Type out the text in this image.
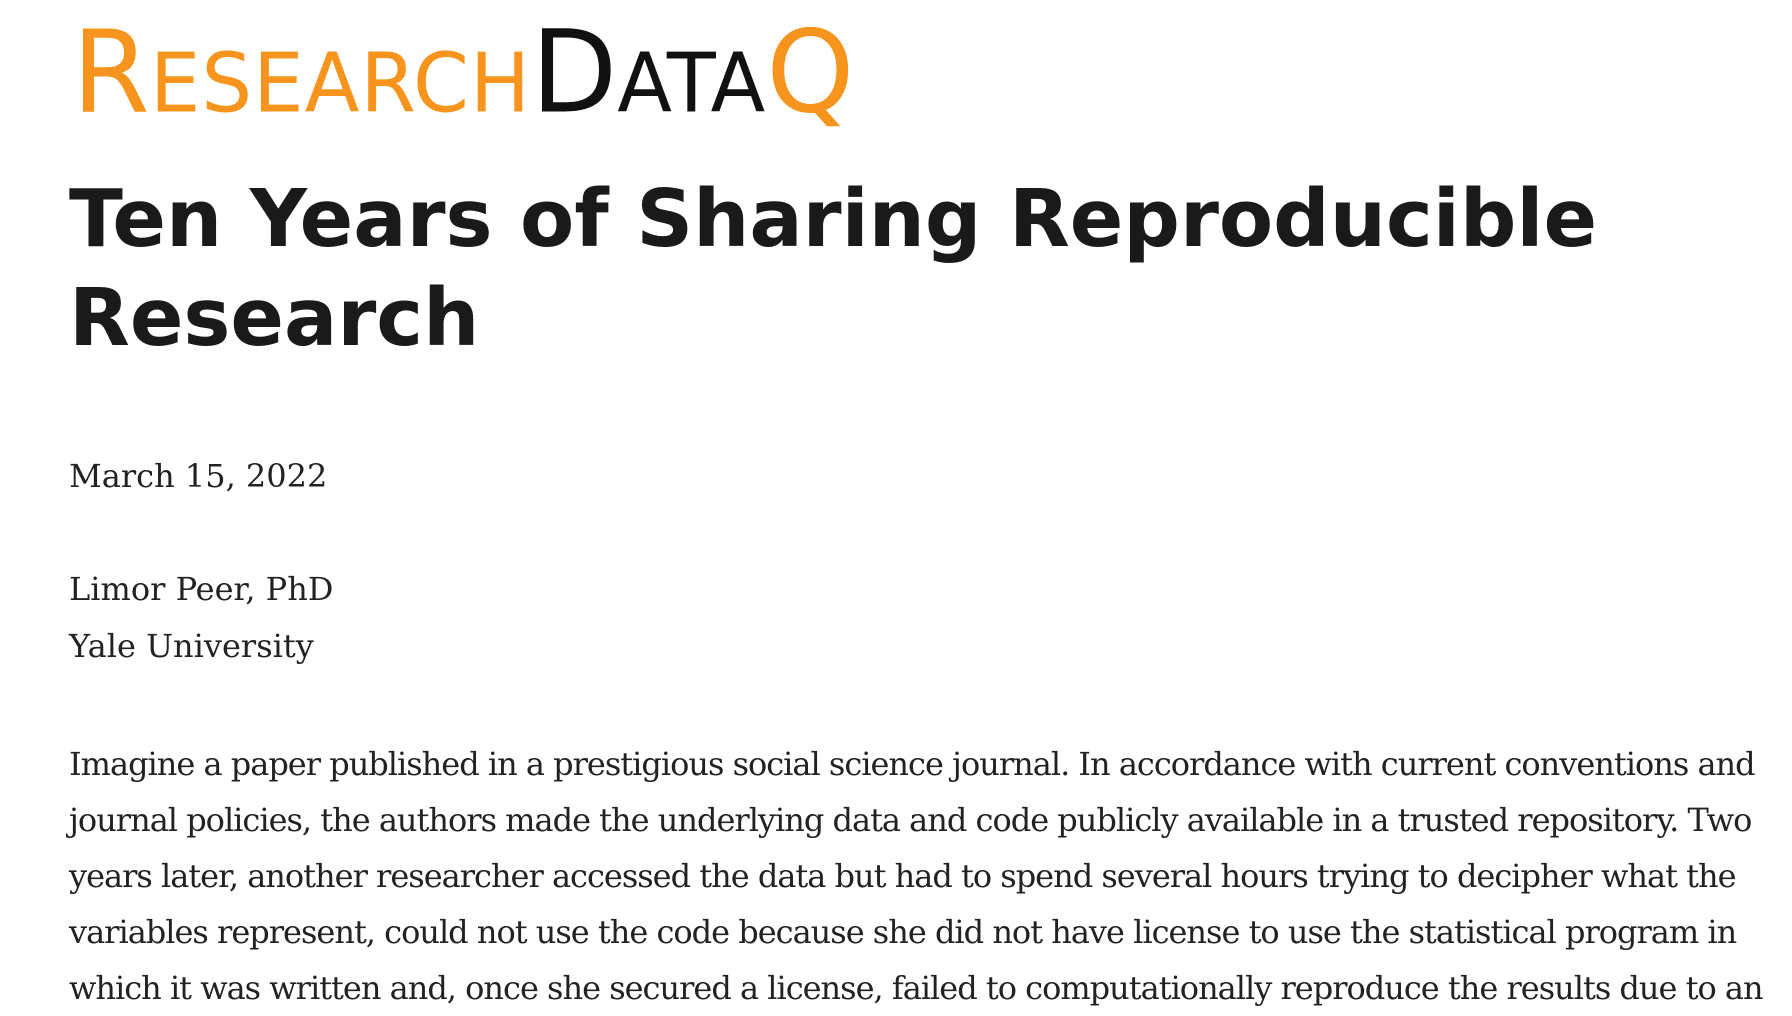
RESEARCHDATAQ
Ten Years of Sharing Reproducible Research

March 15, 2022

Limor Peer, PhD

Yale University

Imagine a paper published in a prestigious social science journal. In accordance with current conventions and
journal policies, the authors made the underlying data and code publicly available in a trusted repository. Two
years later, another researcher accessed the data but had to spend several hours trying to decipher what the
variables represent, could not use the code because she did not have license to use the statistical program in
which it was written and, once she secured a license, failed to computationally reproduce the results due to an
